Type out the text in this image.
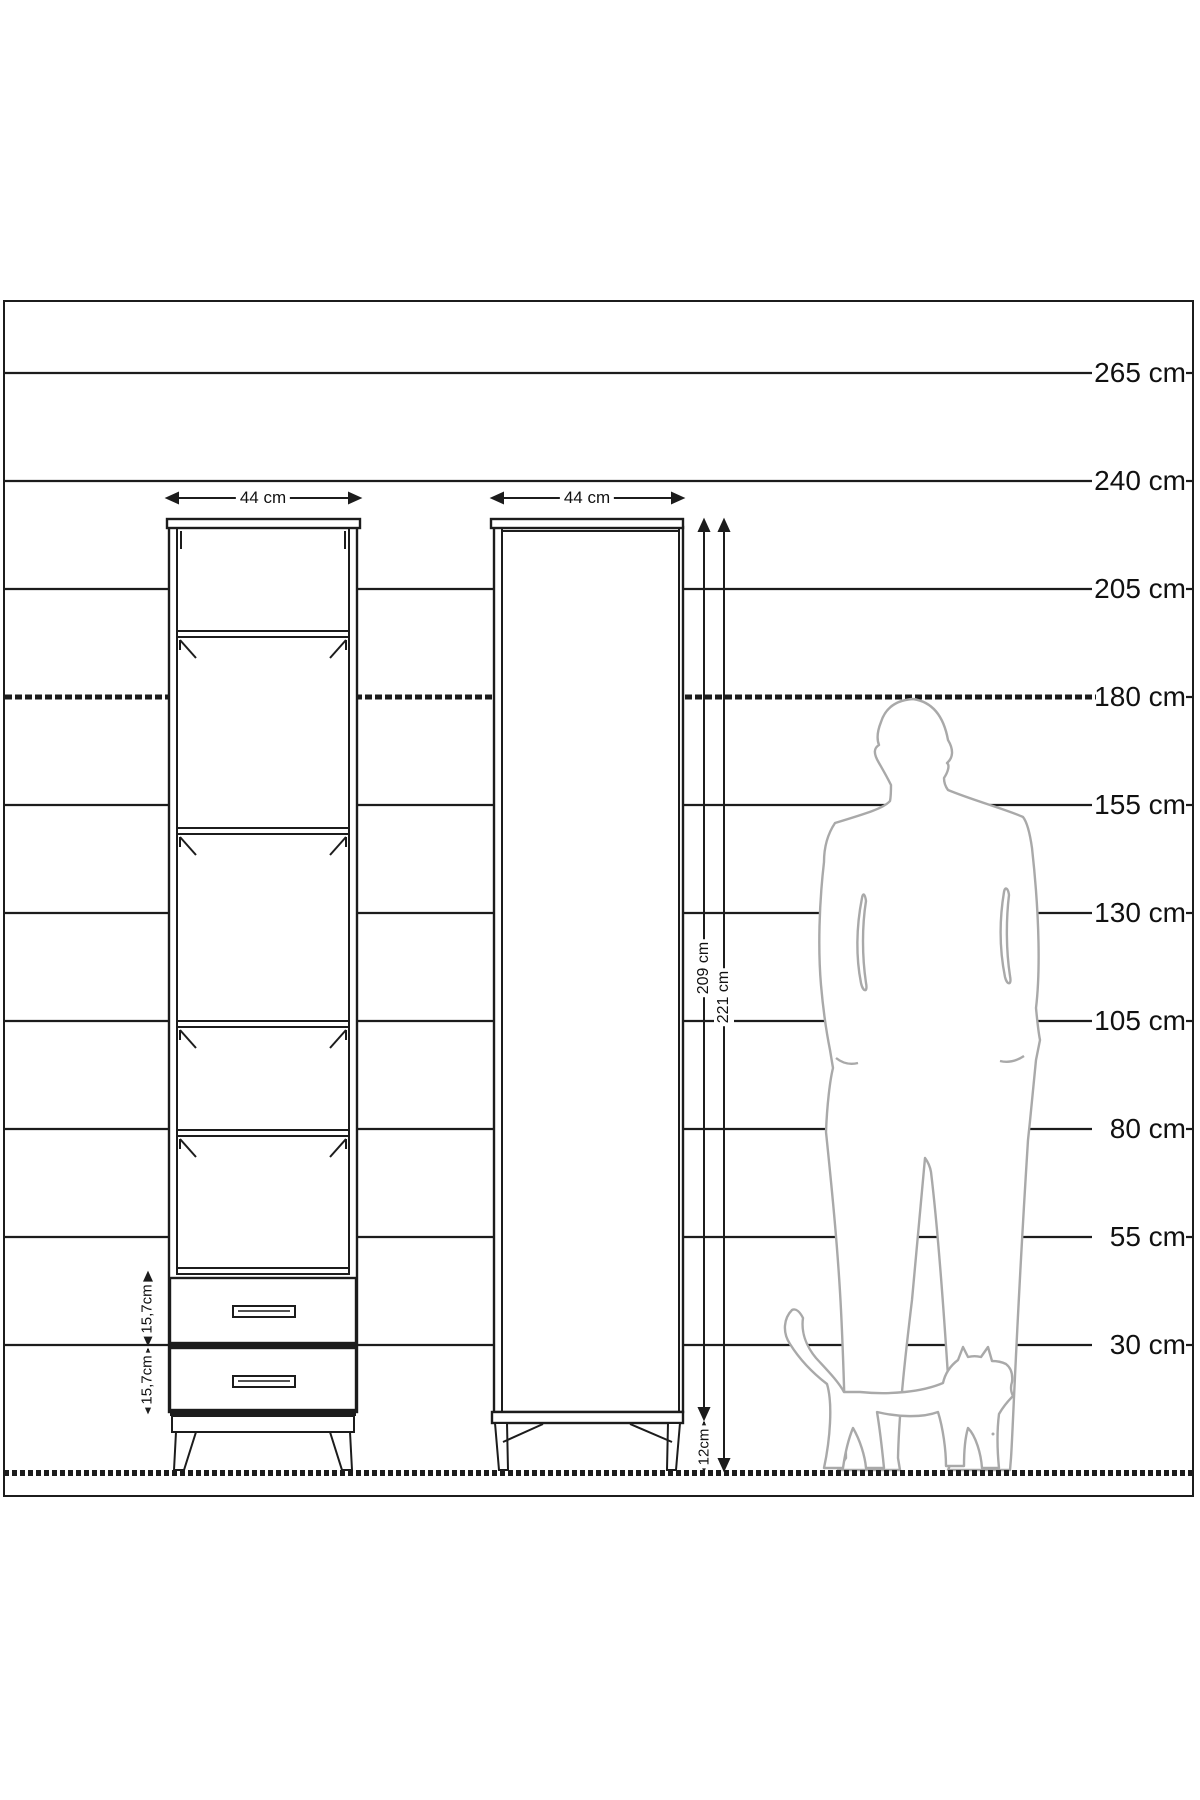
265 cm
240 cm
205 cm
180 cm
155 cm
130 cm
105 cm
80 cm
55 cm
30 cm
44 cm	44 cm
209 cm
221 cm
12cm
15,7cm
15,7cm
